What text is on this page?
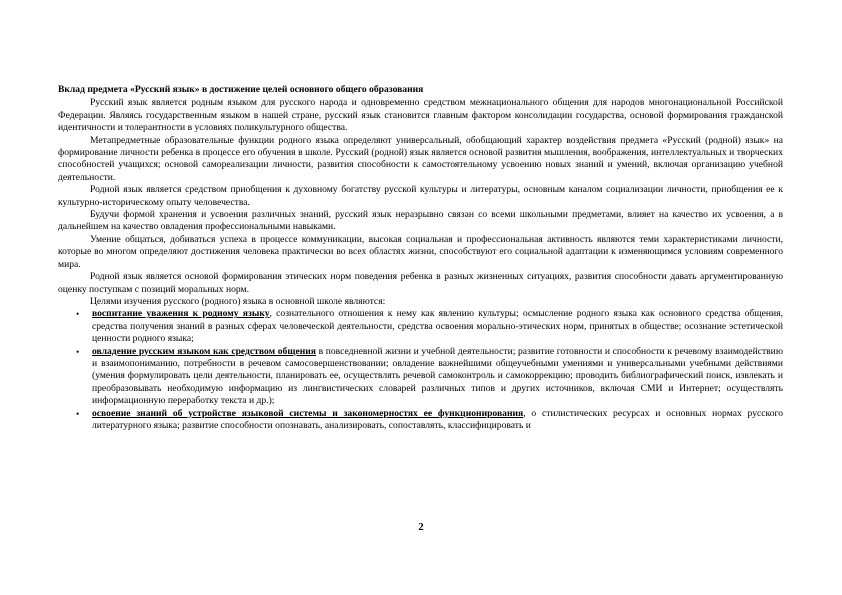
Вклад предмета «Русский язык» в достижение целей основного общего образования

Русский язык является родным языком для русского народа и одновременно средством межнационального общения для народов многонациональной Российской Федерации. Являясь государственным языком в нашей стране, русский язык становится главным фактором консолидации государства, основой формирования гражданской идентичности и толерантности в условиях поликультурного общества.

Метапредметные образовательные функции родного языка определяют универсальный, обобщающий характер воздействия предмета «Русский (родной) язык» на формирование личности ребенка в процессе его обучения в школе. Русский (родной) язык является основой развития мышления, воображения, интеллектуальных и творческих способностей учащихся; основой самореализации личности, развития способности к самостоятельному усвоению новых знаний и умений, включая организацию учебной деятельности.

Родной язык является средством приобщения к духовному богатству русской культуры и литературы, основным каналом социализации личности, приобщения ее к культурно-историческому опыту человечества.

Будучи формой хранения и усвоения различных знаний, русский язык неразрывно связан со всеми школьными предметами, влияет на качество их усвоения, а в дальнейшем на качество овладения профессиональными навыками.

Умение общаться, добиваться успеха в процессе коммуникации, высокая социальная и профессиональная активность являются теми характеристиками личности, которые во многом определяют достижения человека практически во всех областях жизни, способствуют его социальной адаптации к изменяющимся условиям современного мира.

Родной язык является основой формирования этических норм поведения ребенка в разных жизненных ситуациях, развития способности давать аргументированную оценку поступкам с позиций моральных норм.

Целями изучения русского (родного) языка в основной школе являются:

• воспитание уважения к родному языку, сознательного отношения к нему как явлению культуры; осмысление родного языка как основного средства общения, средства получения знаний в разных сферах человеческой деятельности, средства освоения морально-этических норм, принятых в обществе; осознание эстетической ценности родного языка;
• овладение русским языком как средством общения в повседневной жизни и учебной деятельности; развитие готовности и способности к речевому взаимодействию и взаимопониманию, потребности в речевом самосовершенствовании; овладение важнейшими общеучебными умениями и универсальными учебными действиями (умения формулировать цели деятельности, планировать ее, осуществлять речевой самоконтроль и самокоррекцию; проводить библиографический поиск, извлекать и преобразовывать необходимую информацию из лингвистических словарей различных типов и других источников, включая СМИ и Интернет; осуществлять информационную переработку текста и др.);
• освоение знаний об устройстве языковой системы и закономерностях ее функционирования, о стилистических ресурсах и основных нормах русского литературного языка; развитие способности опознавать, анализировать, сопоставлять, классифицировать и
2
